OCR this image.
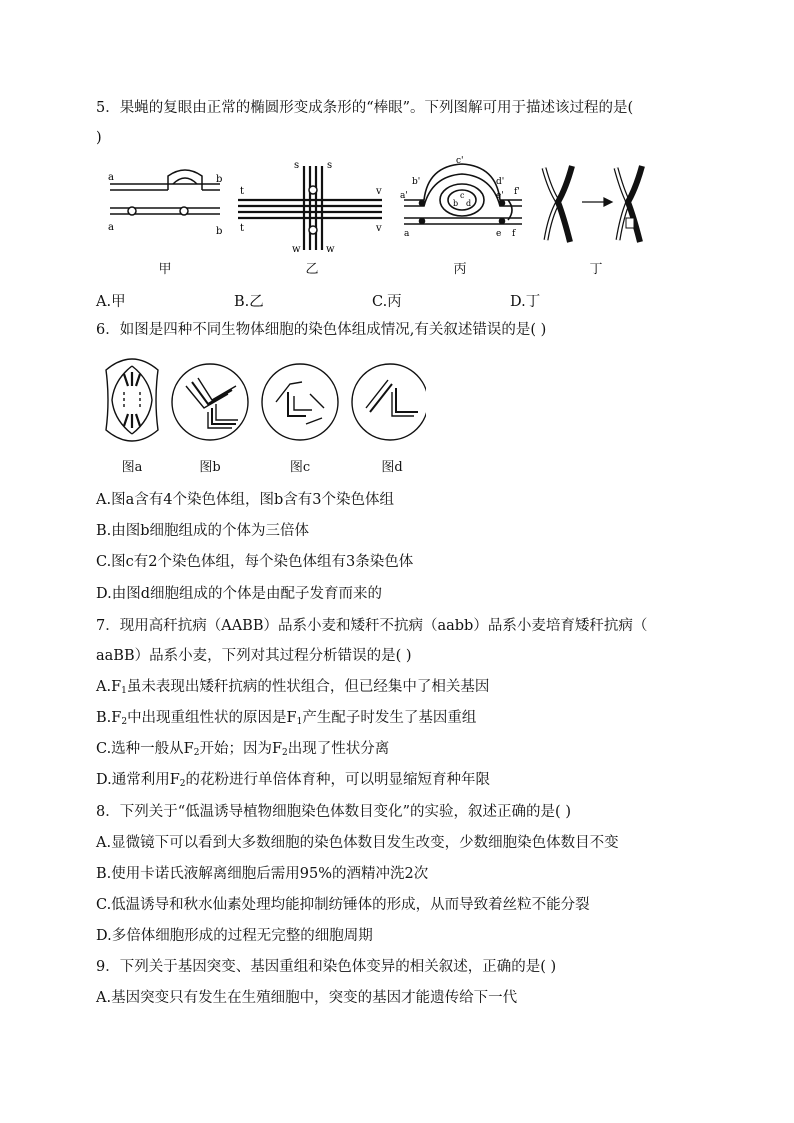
5．果蝇的复眼由正常的椭圆形变成条形的“棒眼”。下列图解可用于描述该过程的是(
)
a
a
b
b
甲
s	s
t
t
v
v
w	w
乙
c'
b'	d'
a'	e' f'
a	e f
b
c
d
丙	丁
A.甲	B.乙	C.丙	D.丁
6．如图是四种不同生物体细胞的染色体组成情况,有关叙述错误的是( )
图a	图b	图c	图d
A.图a含有4个染色体组，图b含有3个染色体组
B.由图b细胞组成的个体为三倍体
C.图c有2个染色体组，每个染色体组有3条染色体
D.由图d细胞组成的个体是由配子发育而来的
7．现用高秆抗病（AABB）品系小麦和矮秆不抗病（aabb）品系小麦培育矮秆抗病（
aaBB）品系小麦，下列对其过程分析错误的是( )
$A.F_1$虽未表现出矮秆抗病的性状组合，但已经集中了相关基因
$B.F_2$中出现重组性状的原因是$F_1$产生配子时发生了基因重组
C.选种一般从$F_2$开始；因为$F_2$出现了性状分离
D.通常利用$F_2$的花粉进行单倍体育种，可以明显缩短育种年限
8．下列关于“低温诱导植物细胞染色体数目变化”的实验，叙述正确的是( )
A.显微镜下可以看到大多数细胞的染色体数目发生改变，少数细胞染色体数目不变
B.使用卡诺氏液解离细胞后需用95%的酒精冲洗2次
C.低温诱导和秋水仙素处理均能抑制纺锤体的形成，从而导致着丝粒不能分裂
D.多倍体细胞形成的过程无完整的细胞周期
9．下列关于基因突变、基因重组和染色体变异的相关叙述，正确的是( )
A.基因突变只有发生在生殖细胞中，突变的基因才能遗传给下一代
